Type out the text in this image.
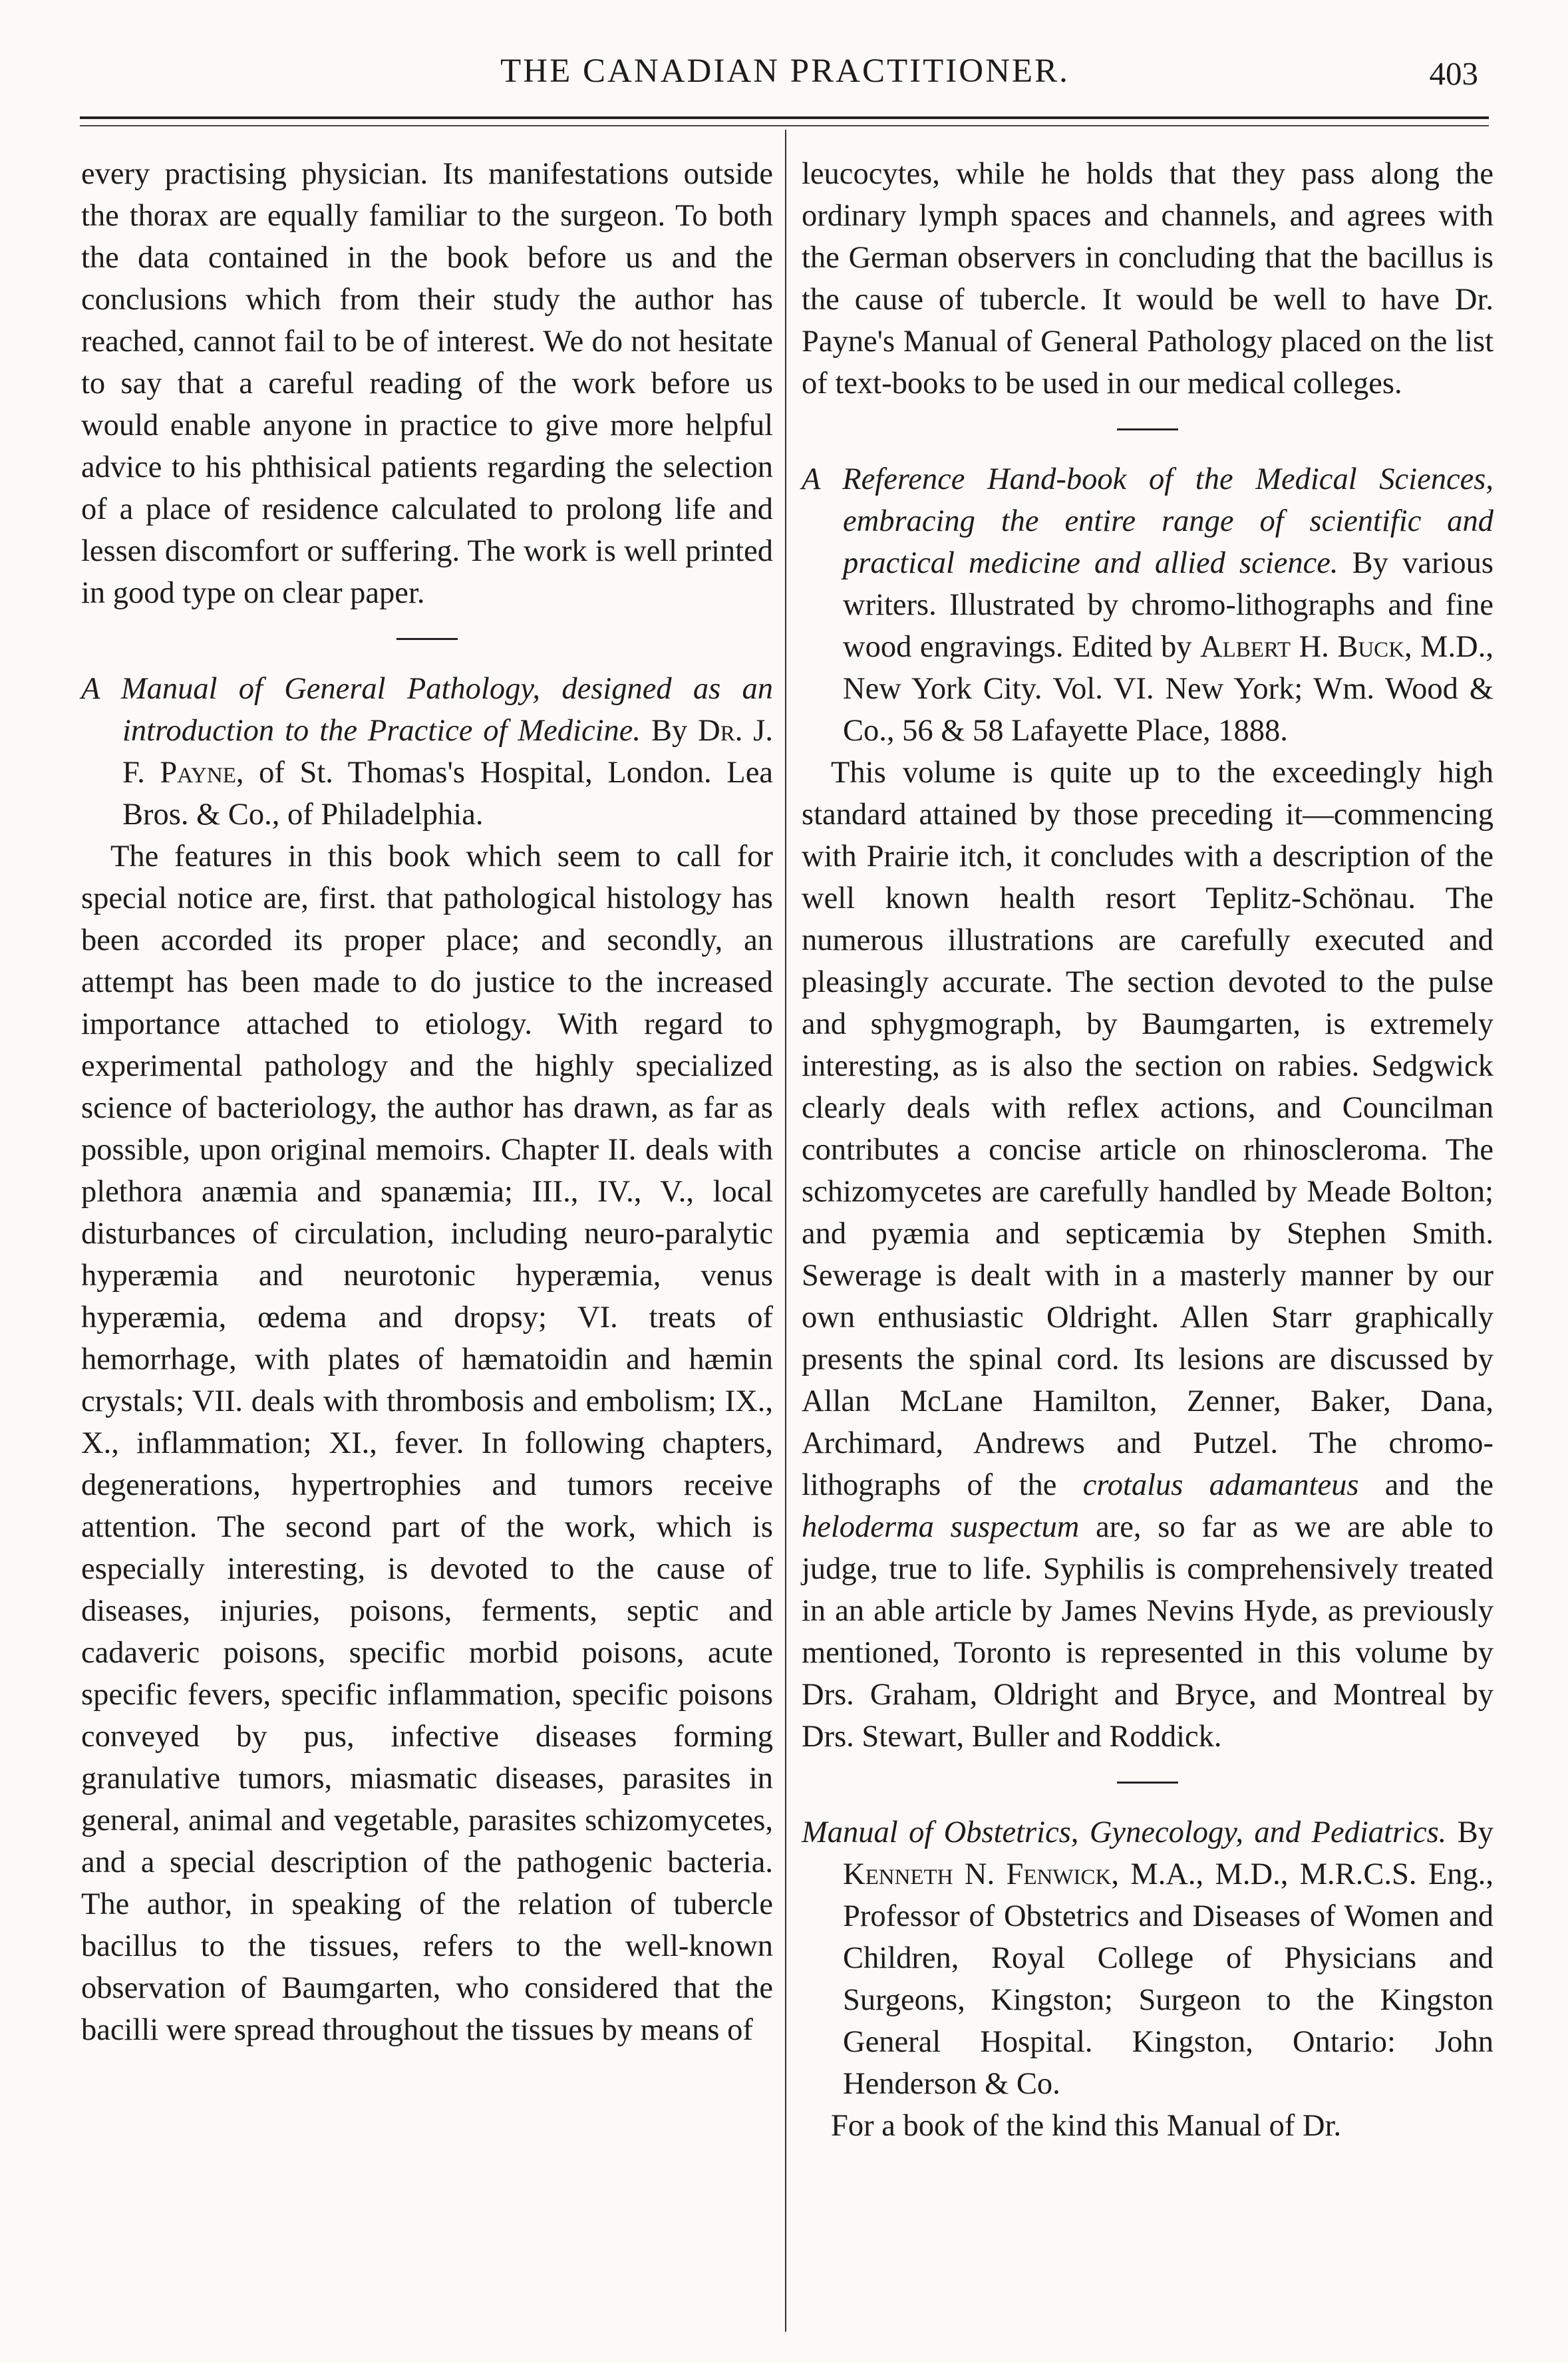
THE CANADIAN PRACTITIONER.	403

every practising physician. Its manifestations outside the thorax are equally familiar to the surgeon. To both the data contained in the book before us and the conclusions which from their study the author has reached, cannot fail to be of interest. We do not hesitate to say that a careful reading of the work before us would enable anyone in practice to give more helpful advice to his phthisical patients regarding the selection of a place of residence calculated to prolong life and lessen discomfort or suffering. The work is well printed in good type on clear paper.

A Manual of General Pathology, designed as an introduction to the Practice of Medicine. By Dr. J. F. Payne, of St. Thomas's Hospital, London. Lea Bros. & Co., of Philadelphia.

The features in this book which seem to call for special notice are, first. that pathological histology has been accorded its proper place; and secondly, an attempt has been made to do justice to the increased importance attached to etiology. With regard to experimental pathology and the highly specialized science of bacteriology, the author has drawn, as far as possible, upon original memoirs. Chapter II. deals with plethora anæmia and spanæmia; III., IV., V., local disturbances of circulation, including neuro-paralytic hyperæmia and neurotonic hyperæmia, venus hyperæmia, œdema and dropsy; VI. treats of hemorrhage, with plates of hæmatoidin and hæmin crystals; VII. deals with thrombosis and embolism; IX., X., inflammation; XI., fever. In following chapters, degenerations, hypertrophies and tumors receive attention. The second part of the work, which is especially interesting, is devoted to the cause of diseases, injuries, poisons, ferments, septic and cadaveric poisons, specific morbid poisons, acute specific fevers, specific inflammation, specific poisons conveyed by pus, infective diseases forming granulative tumors, miasmatic diseases, parasites in general, animal and vegetable, parasites schizomycetes, and a special description of the pathogenic bacteria. The author, in speaking of the relation of tubercle bacillus to the tissues, refers to the well-known observation of Baumgarten, who considered that the bacilli were spread throughout the tissues by means of

leucocytes, while he holds that they pass along the ordinary lymph spaces and channels, and agrees with the German observers in concluding that the bacillus is the cause of tubercle. It would be well to have Dr. Payne's Manual of General Pathology placed on the list of text-books to be used in our medical colleges.

A Reference Hand-book of the Medical Sciences, embracing the entire range of scientific and practical medicine and allied science. By various writers. Illustrated by chromo-lithographs and fine wood engravings. Edited by Albert H. Buck, M.D., New York City. Vol. VI. New York; Wm. Wood & Co., 56 & 58 Lafayette Place, 1888.

This volume is quite up to the exceedingly high standard attained by those preceding it—commencing with Prairie itch, it concludes with a description of the well known health resort Teplitz-Schönau. The numerous illustrations are carefully executed and pleasingly accurate. The section devoted to the pulse and sphygmograph, by Baumgarten, is extremely interesting, as is also the section on rabies. Sedgwick clearly deals with reflex actions, and Councilman contributes a concise article on rhinoscleroma. The schizomycetes are carefully handled by Meade Bolton; and pyæmia and septicæmia by Stephen Smith. Sewerage is dealt with in a masterly manner by our own enthusiastic Oldright. Allen Starr graphically presents the spinal cord. Its lesions are discussed by Allan McLane Hamilton, Zenner, Baker, Dana, Archimard, Andrews and Putzel. The chromo-lithographs of the crotalus adamanteus and the heloderma suspectum are, so far as we are able to judge, true to life. Syphilis is comprehensively treated in an able article by James Nevins Hyde, as previously mentioned, Toronto is represented in this volume by Drs. Graham, Oldright and Bryce, and Montreal by Drs. Stewart, Buller and Roddick.

Manual of Obstetrics, Gynecology, and Pediatrics. By Kenneth N. Fenwick, M.A., M.D., M.R.C.S. Eng., Professor of Obstetrics and Diseases of Women and Children, Royal College of Physicians and Surgeons, Kingston; Surgeon to the Kingston General Hospital. Kingston, Ontario: John Henderson & Co.

For a book of the kind this Manual of Dr.
